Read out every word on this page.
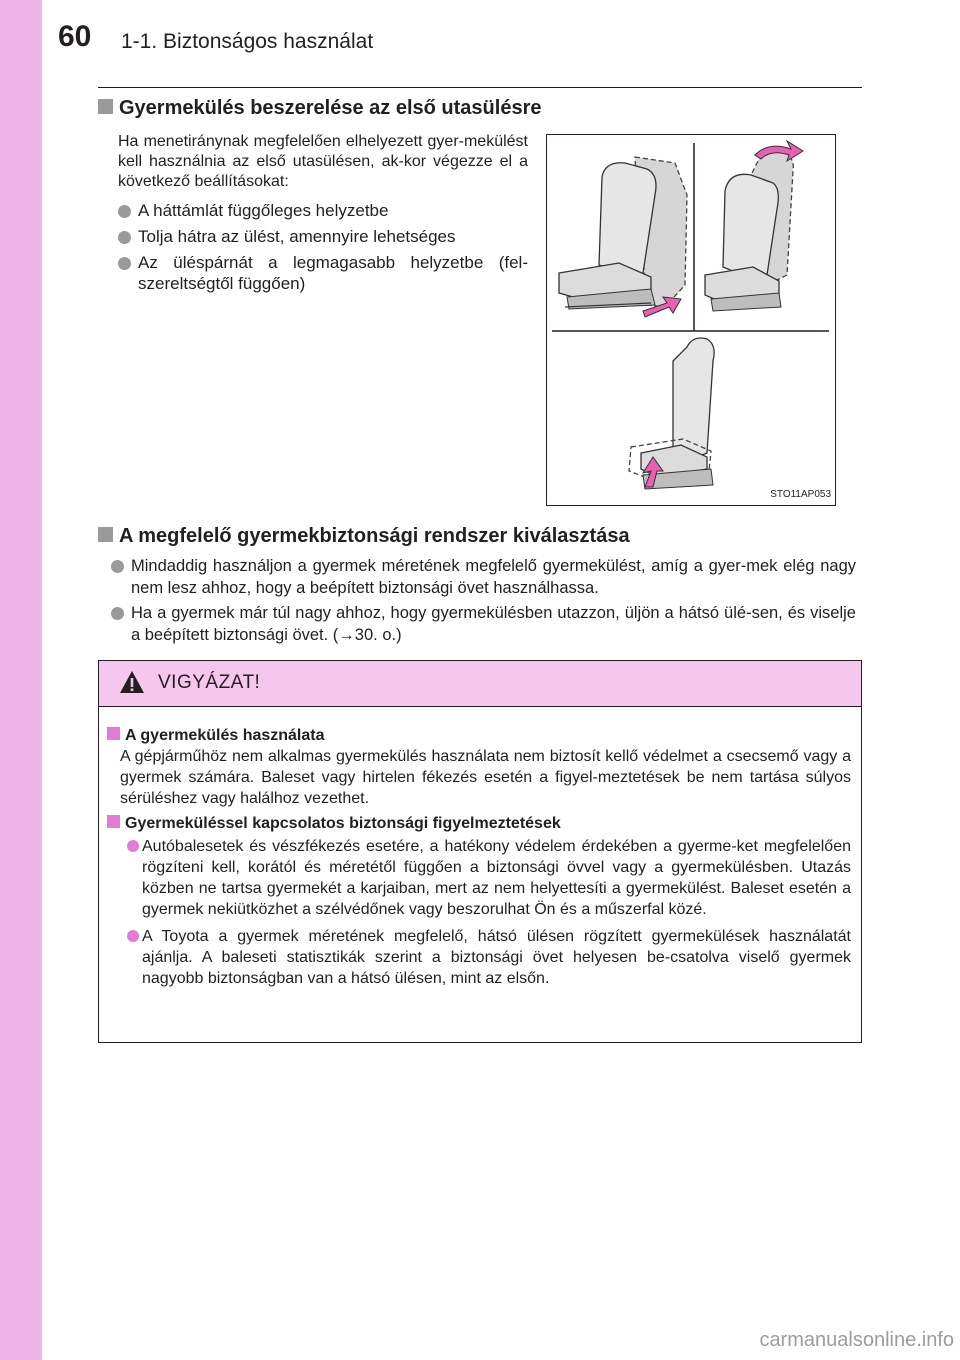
60 1-1. Biztonságos használat
Gyermekülés beszerelése az első utasülésre
Ha menetiránynak megfelelően elhelyezett gyer-mekülést kell használnia az első utasülésen, ak-kor végezze el a következő beállításokat:
A háttámlát függőleges helyzetbe
Tolja hátra az ülést, amennyire lehetséges
Az üléspárnát a legmagasabb helyzetbe (fel-szereltségtől függően)
STO11AP053
A megfelelő gyermekbiztonsági rendszer kiválasztása
Mindaddig használjon a gyermek méretének megfelelő gyermekülést, amíg a gyer-mek elég nagy nem lesz ahhoz, hogy a beépített biztonsági övet használhassa.
Ha a gyermek már túl nagy ahhoz, hogy gyermekülésben utazzon, üljön a hátsó ülé-sen, és viselje a beépített biztonsági övet. (→30. o.)
VIGYÁZAT!
A gyermekülés használata
A gépjárműhöz nem alkalmas gyermekülés használata nem biztosít kellő védelmet a csecsemő vagy a gyermek számára. Baleset vagy hirtelen fékezés esetén a figyel-meztetések be nem tartása súlyos sérüléshez vagy halálhoz vezethet.
Gyermeküléssel kapcsolatos biztonsági figyelmeztetések
Autóbalesetek és vészfékezés esetére, a hatékony védelem érdekében a gyerme-ket megfelelően rögzíteni kell, korától és méretétől függően a biztonsági övvel vagy a gyermekülésben. Utazás közben ne tartsa gyermekét a karjaiban, mert az nem helyettesíti a gyermekülést. Baleset esetén a gyermek nekiütközhet a szélvédőnek vagy beszorulhat Ön és a műszerfal közé.
A Toyota a gyermek méretének megfelelő, hátsó ülésen rögzített gyermekülések használatát ajánlja. A baleseti statisztikák szerint a biztonsági övet helyesen be-csatolva viselő gyermek nagyobb biztonságban van a hátsó ülésen, mint az elsőn.
carmanualsonline.info
